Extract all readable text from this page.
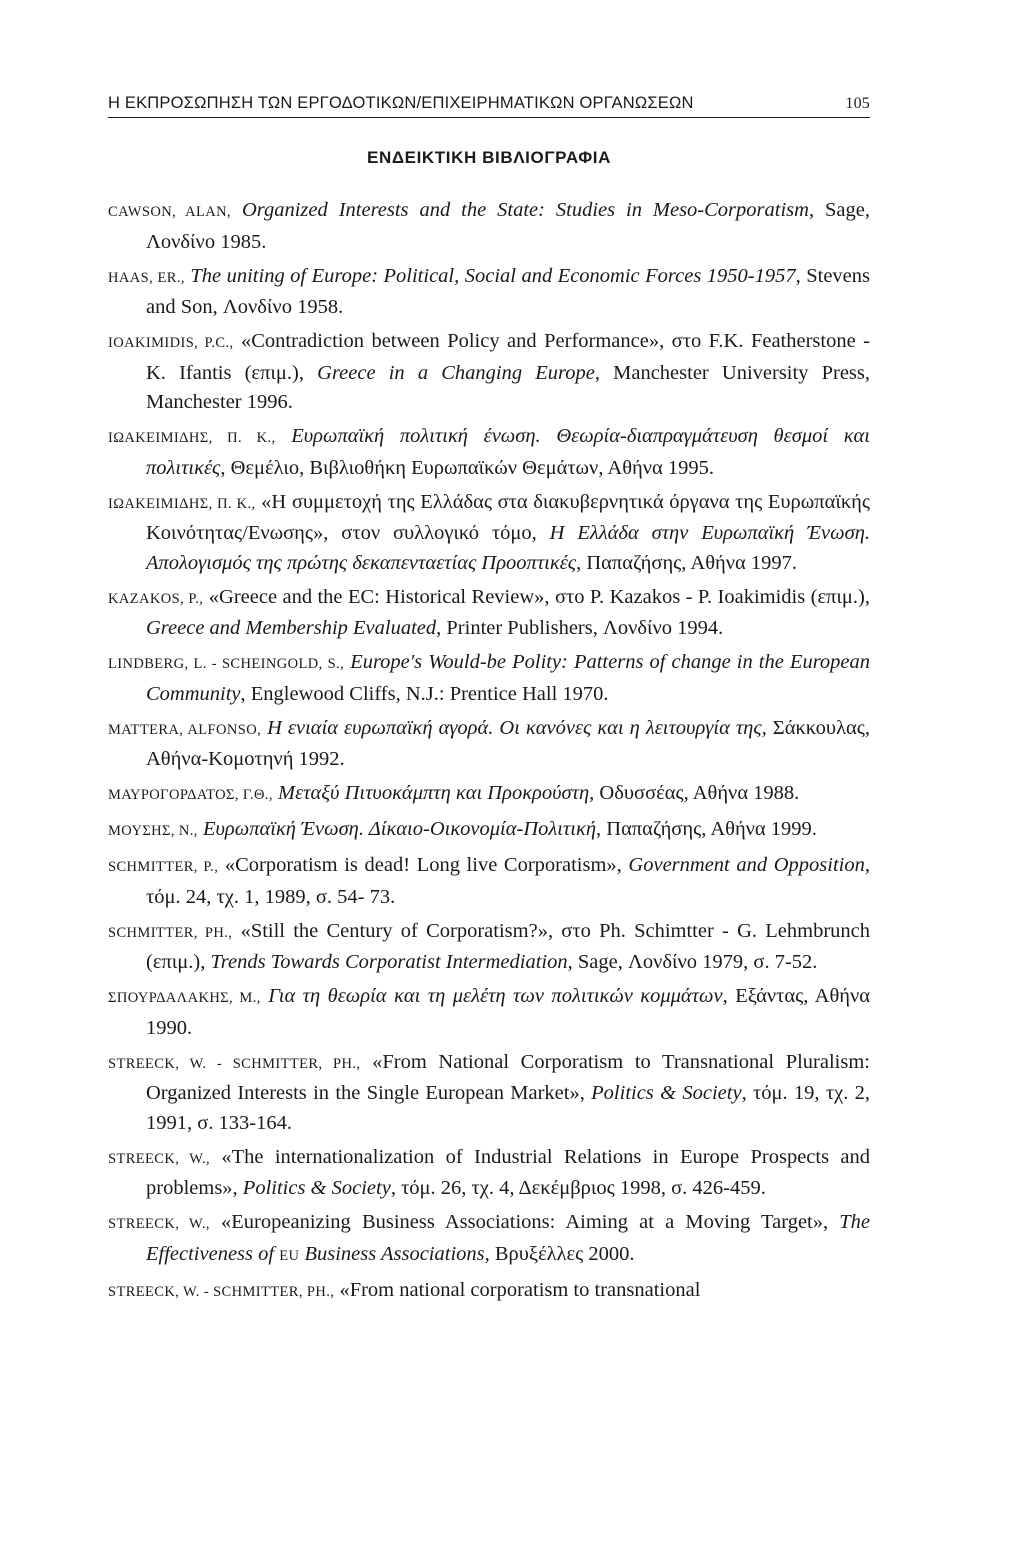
Η ΕΚΠΡΟΣΩΠΗΣΗ ΤΩΝ ΕΡΓΟΔΟΤΙΚΩΝ/ΕΠΙΧΕΙΡΗΜΑΤΙΚΩΝ ΟΡΓΑΝΩΣΕΩΝ	105
ΕΝΔΕΙΚΤΙΚΗ ΒΙΒΛΙΟΓΡΑΦΙΑ

CAWSON, ALAN, Organized Interests and the State: Studies in Meso-Corporatism, Sage, Λονδίνο 1985.

HAAS, ER., The uniting of Europe: Political, Social and Economic Forces 1950-1957, Stevens and Son, Λονδίνο 1958.

IOAKIMIDIS, P.C., «Contradiction between Policy and Performance», στο F.K. Featherstone - K. Ifantis (επιμ.), Greece in a Changing Europe, Manchester University Press, Manchester 1996.

ΙΩΑΚΕΙΜΙΔΗΣ, Π. Κ., Ευρωπαϊκή πολιτική ένωση. Θεωρία-διαπραγμάτευση θεσμοί και πολιτικές, Θεμέλιο, Βιβλιοθήκη Ευρωπαϊκών Θεμάτων, Αθήνα 1995.

ΙΩΑΚΕΙΜΙΔΗΣ, Π. Κ., «Η συμμετοχή της Ελλάδας στα διακυβερνητικά όργανα της Ευρωπαϊκής Κοινότητας/Ενωσης», στον συλλογικό τόμο, Η Ελλάδα στην Ευρωπαϊκή Ένωση. Απολογισμός της πρώτης δεκαπενταετίας Προοπτικές, Παπαζήσης, Αθήνα 1997.

KAZAKOS, P., «Greece and the EC: Historical Review», στο P. Kazakos - P. Ioakimidis (επιμ.), Greece and Membership Evaluated, Printer Publishers, Λονδίνο 1994.

LINDBERG, L. - SCHEINGOLD, S., Europe's Would-be Polity: Patterns of change in the European Community, Englewood Cliffs, N.J.: Prentice Hall 1970.

MATTERA, ALFONSO, Η ενιαία ευρωπαϊκή αγορά. Οι κανόνες και η λειτουργία της, Σάκκουλας, Αθήνα-Κομοτηνή 1992.

ΜΑΥΡΟΓΟΡΔΑΤΟΣ, Γ.Θ., Μεταξύ Πιτυοκάμπτη και Προκρούστη, Οδυσσέας, Αθήνα 1988.

ΜΟΥΣΗΣ, Ν., Ευρωπαϊκή Ένωση. Δίκαιο-Οικονομία-Πολιτική, Παπαζήσης, Αθήνα 1999.

SCHMITTER, P., «Corporatism is dead! Long live Corporatism», Government and Opposition, τόμ. 24, τχ. 1, 1989, σ. 54- 73.

SCHMITTER, PH., «Still the Century of Corporatism?», στο Ph. Schimtter - G. Lehmbrunch (επιμ.), Trends Towards Corporatist Intermediation, Sage, Λονδίνο 1979, σ. 7-52.

ΣΠΟΥΡΔΑΛΑΚΗΣ, Μ., Για τη θεωρία και τη μελέτη των πολιτικών κομμάτων, Εξάντας, Αθήνα 1990.

STREECK, W. - SCHMITTER, PH., «From National Corporatism to Transnational Pluralism: Organized Interests in the Single European Market», Politics & Society, τόμ. 19, τχ. 2, 1991, σ. 133-164.

STREECK, W., «The internationalization of Industrial Relations in Europe Prospects and problems», Politics & Society, τόμ. 26, τχ. 4, Δεκέμβριος 1998, σ. 426-459.

STREECK, W., «Europeanizing Business Associations: Aiming at a Moving Target», The Effectiveness of EU Business Associations, Βρυξέλλες 2000.

STREECK, W. - SCHMITTER, PH., «From national corporatism to transnational
